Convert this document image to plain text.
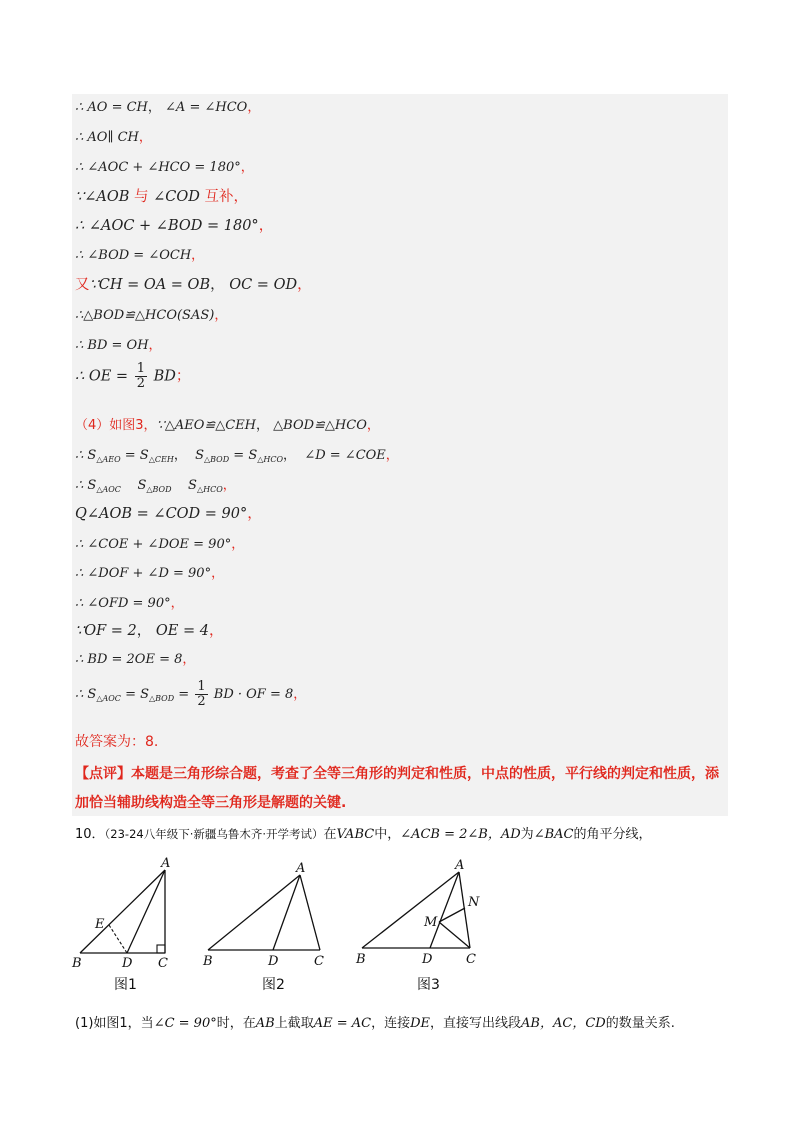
∴ AO = CH， ∠A = ∠HCO，
∴ AO∥ CH，
∴ ∠AOC + ∠HCO = 180°，
∵∠AOB 与 ∠COD 互补，
∴ ∠AOC + ∠BOD = 180°，
∴ ∠BOD = ∠OCH，
又∵CH = OA = OB， OC = OD，
∴△BOD≌△HCO(SAS)，
∴ BD = OH，
∴ OE = $\frac{1}{2}$ BD；
（4）如图3，∵△AEO≌△CEH， △BOD≌△HCO，
∴ $S_{\triangle AEO} = S_{\triangle CEH}$，  $S_{\triangle BOD} = S_{\triangle HCO}$，  ∠D = ∠COE，
∴ $S_{\triangle AOC}$ $S_{\triangle BOD}$ $S_{\triangle HCO}$，
Q∠AOB = ∠COD = 90°，
∴ ∠COE + ∠DOE = 90°，
∴ ∠DOF + ∠D = 90°，
∴ ∠OFD = 90°，
∵OF = 2， OE = 4，
∴ BD = 2OE = 8，
∴ $S_{\triangle AOC} = S_{\triangle BOD} = \frac{1}{2}$ BD · OF = 8，
故答案为：8.
【点评】本题是三角形综合题，考查了全等三角形的判定和性质，中点的性质，平行线的判定和性质，添
加恰当辅助线构造全等三角形是解题的关键.
10．（23-24八年级下·新疆乌鲁木齐·开学考试）在VABC中，∠ACB = 2∠B，AD为∠BAC的角平分线，
A
B	C
D
E
A
B	D	C
A
B	D	C
M
N
图1	图2	图3
(1)如图1，当∠C = 90°时，在AB上截取AE = AC，连接DE，直接写出线段AB，AC，CD的数量关系.
